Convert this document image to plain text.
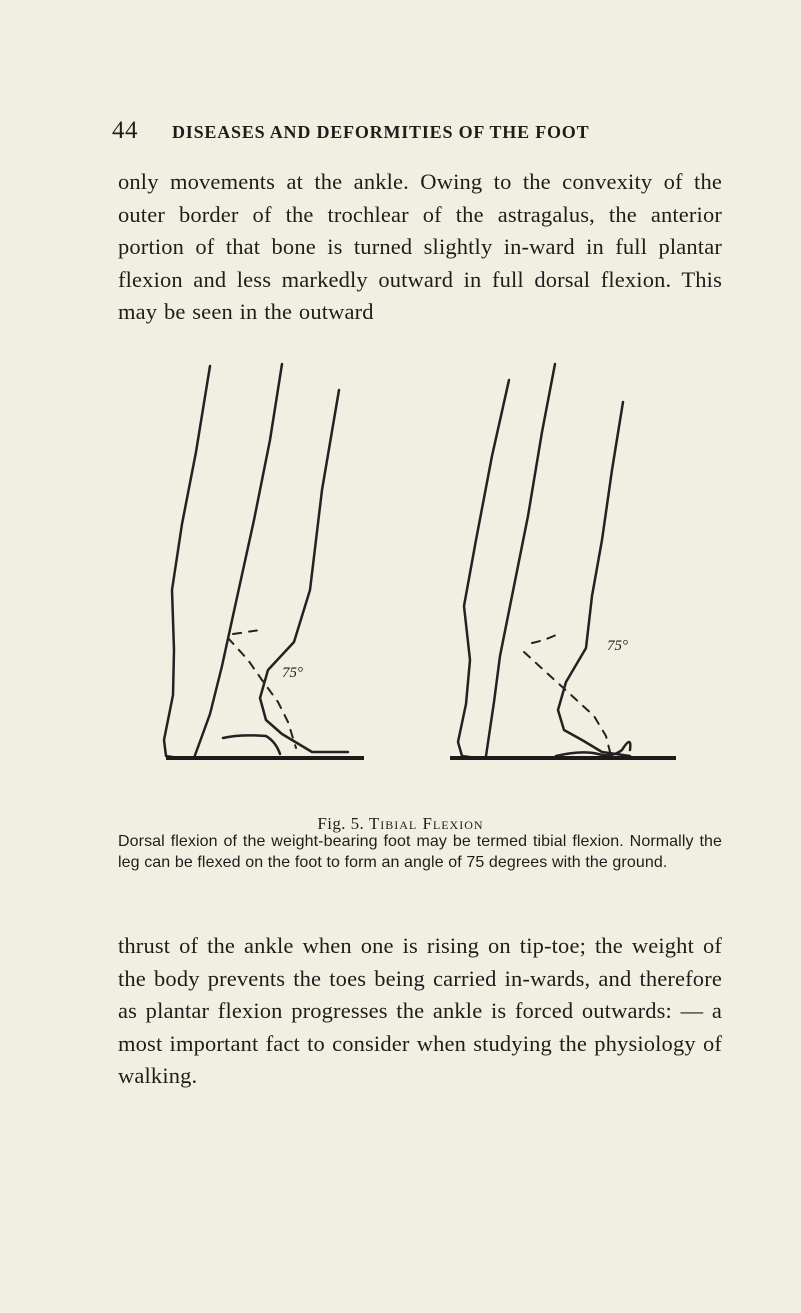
44 DISEASES AND DEFORMITIES OF THE FOOT
only movements at the ankle. Owing to the convexity of the outer border of the trochlear of the astragalus, the anterior portion of that bone is turned slightly in-ward in full plantar flexion and less markedly outward in full dorsal flexion. This may be seen in the outward
75°
75°
Fig. 5. Tibial Flexion
Dorsal flexion of the weight-bearing foot may be termed tibial flexion. Normally the leg can be flexed on the foot to form an angle of 75 degrees with the ground.
thrust of the ankle when one is rising on tip-toe; the weight of the body prevents the toes being carried in-wards, and therefore as plantar flexion progresses the ankle is forced outwards: — a most important fact to consider when studying the physiology of walking.
